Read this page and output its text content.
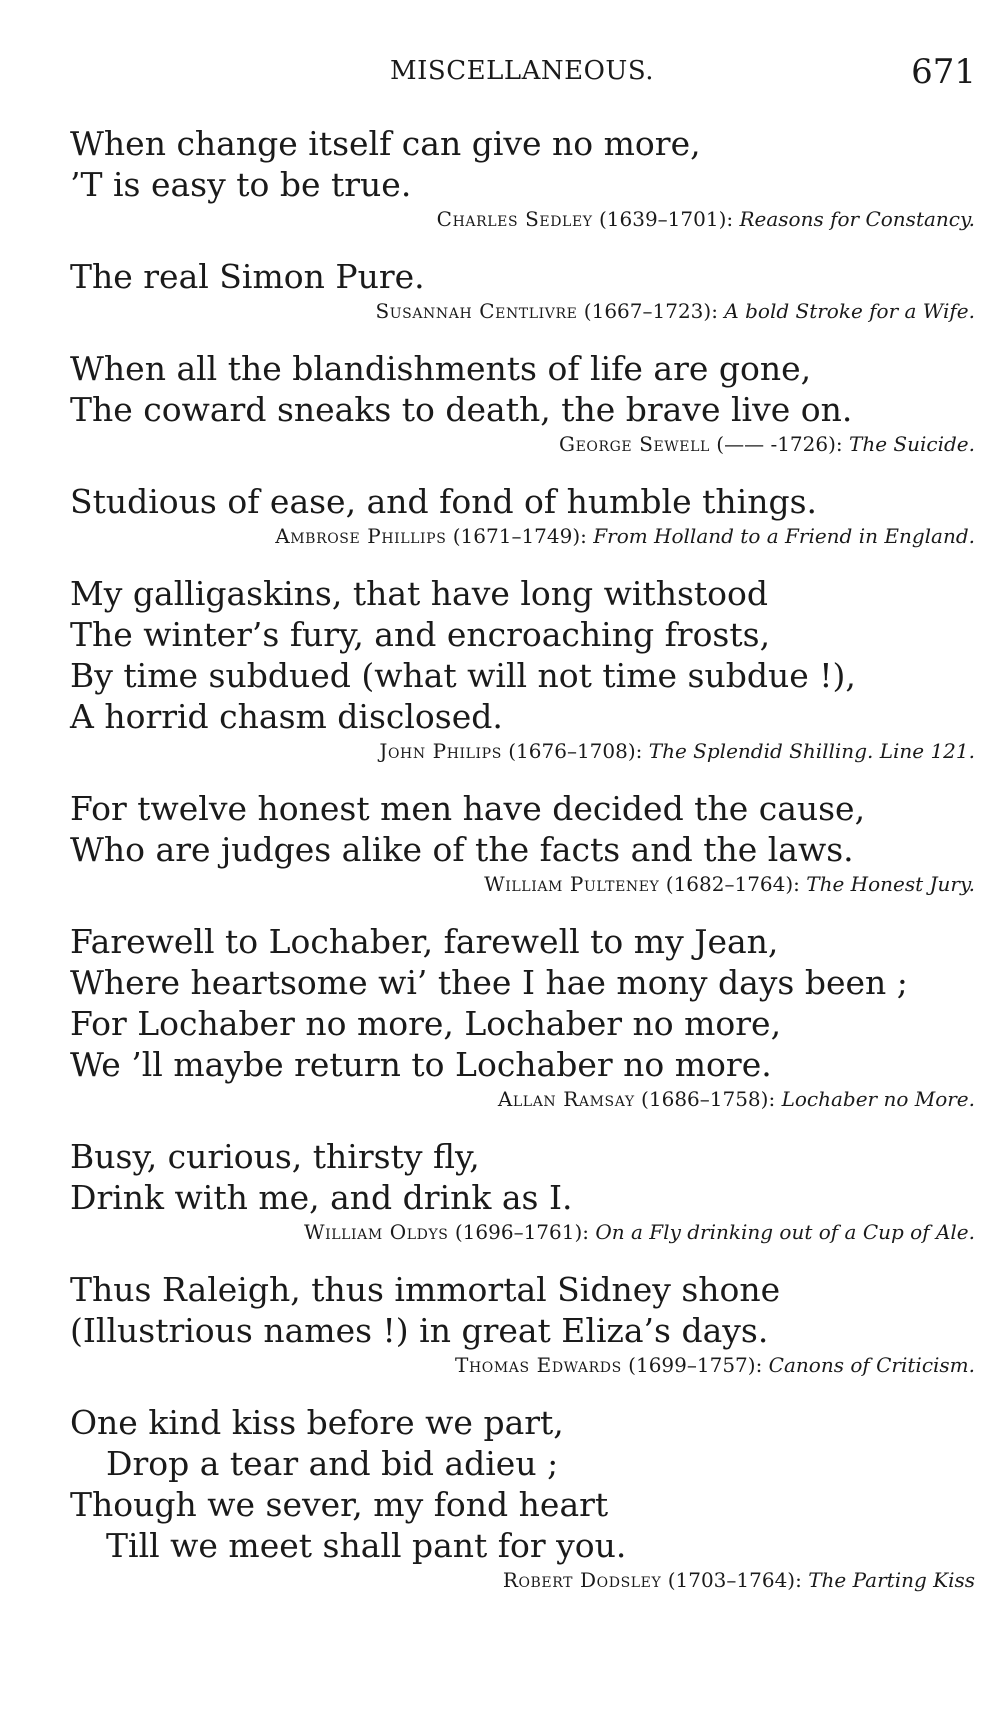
MISCELLANEOUS.	671
When change itself can give no more,
’T is easy to be true.
Charles Sedley (1639–1701): Reasons for Constancy.
The real Simon Pure.
Susannah Centlivre (1667–1723): A bold Stroke for a Wife.
When all the blandishments of life are gone,
The coward sneaks to death, the brave live on.
George Sewell (—— -1726): The Suicide.
Studious of ease, and fond of humble things.
Ambrose Phillips (1671–1749): From Holland to a Friend in England.
My galligaskins, that have long withstood
The winter’s fury, and encroaching frosts,
By time subdued (what will not time subdue !),
A horrid chasm disclosed.
John Philips (1676–1708): The Splendid Shilling. Line 121.
For twelve honest men have decided the cause,
Who are judges alike of the facts and the laws.
William Pulteney (1682–1764): The Honest Jury.
Farewell to Lochaber, farewell to my Jean,
Where heartsome wi’ thee I hae mony days been ;
For Lochaber no more, Lochaber no more,
We ’ll maybe return to Lochaber no more.
Allan Ramsay (1686–1758): Lochaber no More.
Busy, curious, thirsty fly,
Drink with me, and drink as I.
William Oldys (1696–1761): On a Fly drinking out of a Cup of Ale.
Thus Raleigh, thus immortal Sidney shone
(Illustrious names !) in great Eliza’s days.
Thomas Edwards (1699–1757): Canons of Criticism.
One kind kiss before we part,
Drop a tear and bid adieu ;
Though we sever, my fond heart
Till we meet shall pant for you.
Robert Dodsley (1703–1764): The Parting Kiss
